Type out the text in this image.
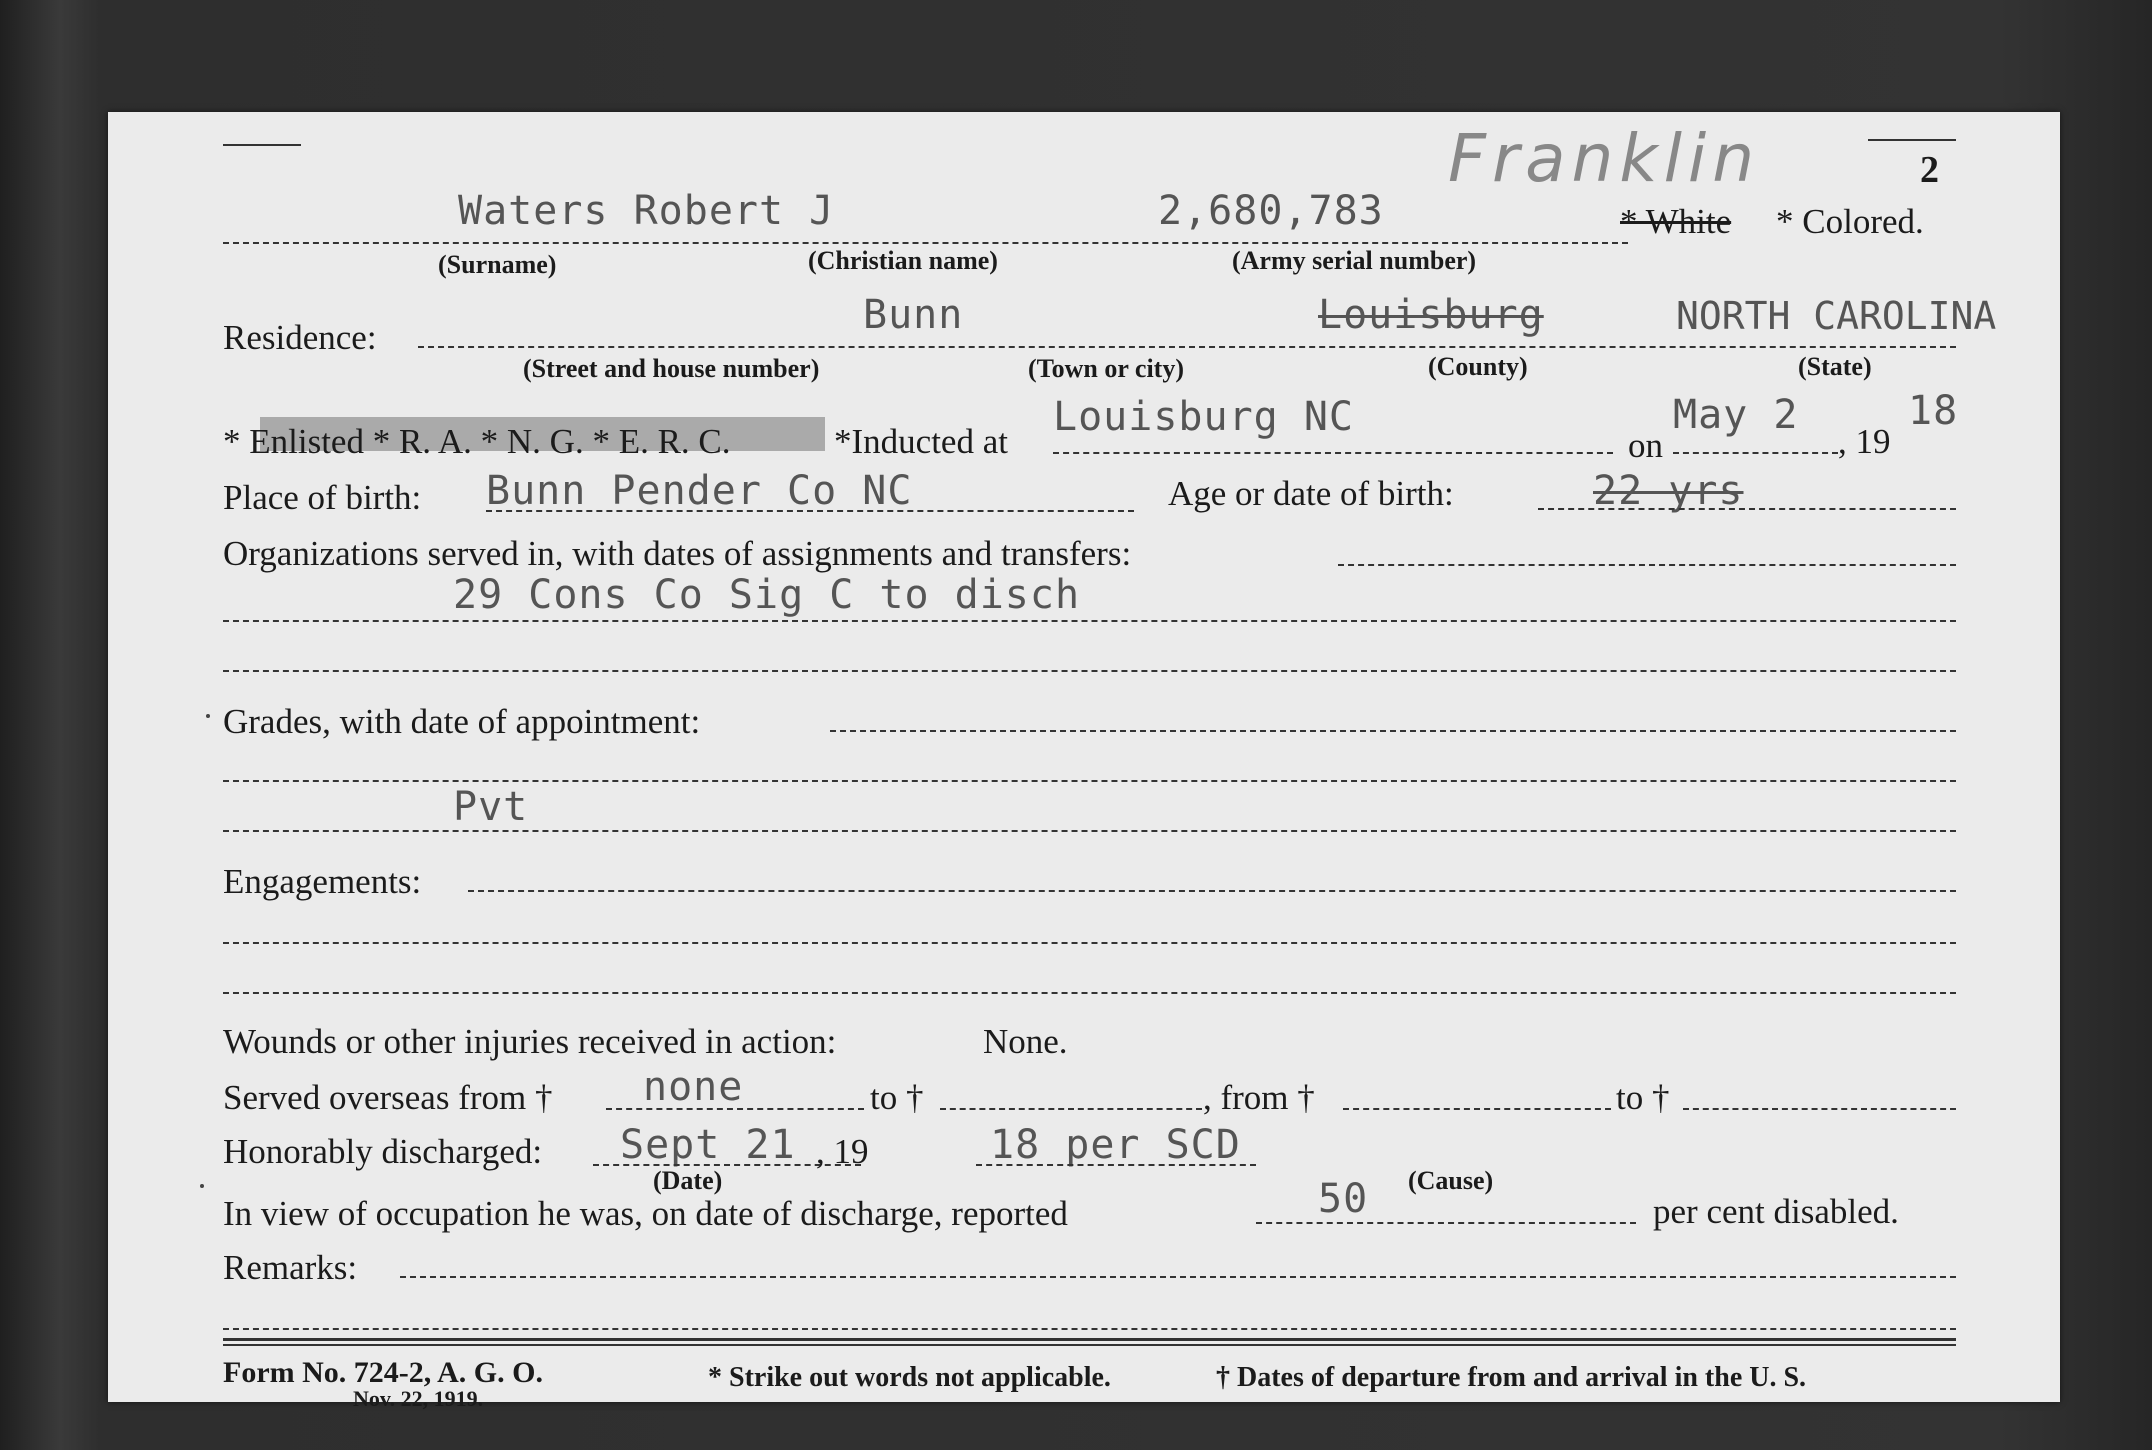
2
Franklin
Waters Robert J	2,680,783	* White * Colored.
(Surname)	(Christian name)	(Army serial number)
Residence:	Bunn	Louisburg	NORTH CAROLINA
(Street and house number)	(Town or city)	(County)	(State)
* Enlisted * R. A. * N. G. * E. R. C.	*Inducted at
Louisburg NC
on
May 2
, 19
18
Place of birth: Bunn Pender Co NC	Age or date of birth:	22 yrs
Organizations served in, with dates of assignments and transfers:
29 Cons Co Sig C to disch
Grades, with date of appointment:
Pvt
Engagements:
Wounds or other injuries received in action:	None.
Served overseas from † none	to †	, from †	to †
Honorably discharged: Sept 21 , 19	18 per SCD
(Date)	(Cause)
In view of occupation he was, on date of discharge, reported	50	per cent disabled.
Remarks:
Form No. 724-2, A. G. O.
Nov. 22, 1919.
* Strike out words not applicable.	† Dates of departure from and arrival in the U. S.
